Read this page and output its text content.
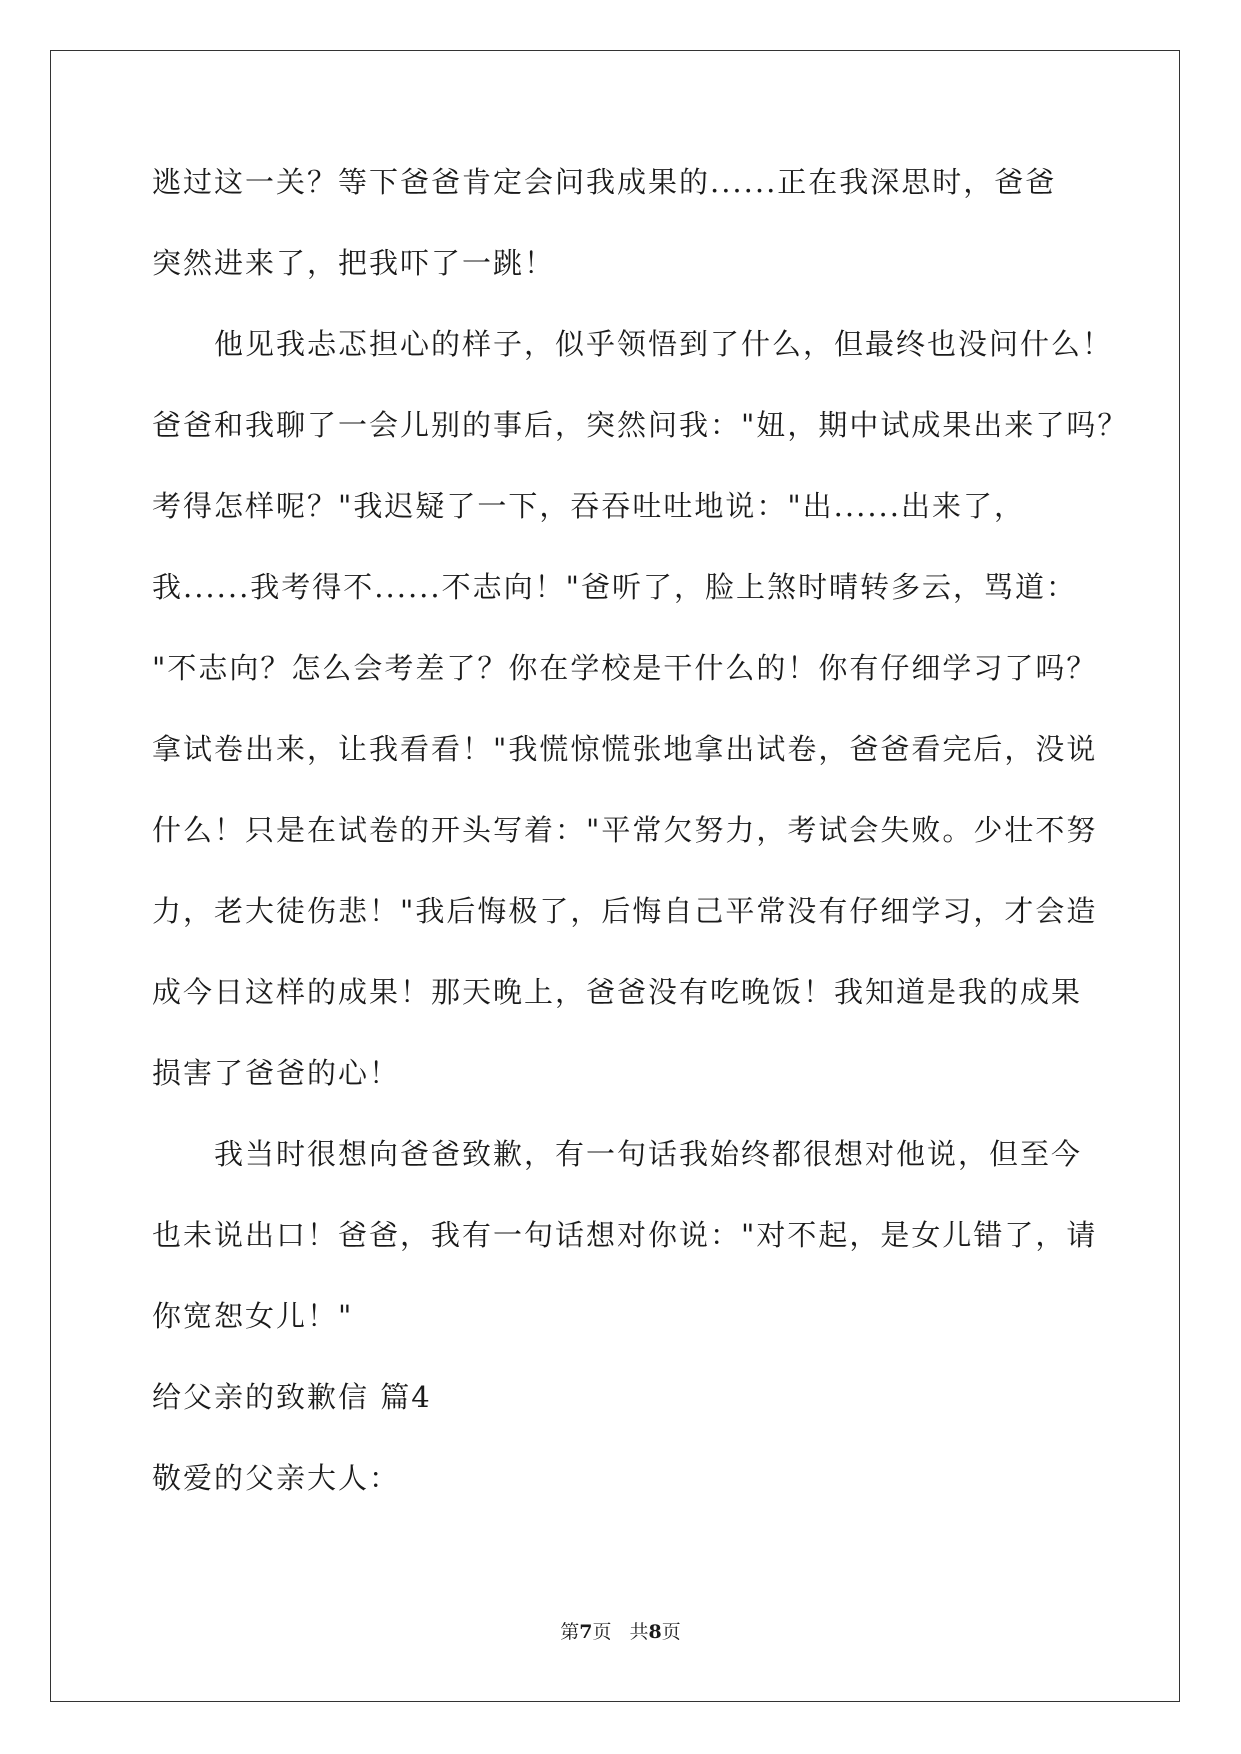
逃过这一关？等下爸爸肯定会问我成果的......正在我深思时，爸爸
突然进来了，把我吓了一跳！
　　他见我忐忑担心的样子，似乎领悟到了什么，但最终也没问什么！
爸爸和我聊了一会儿别的事后，突然问我："妞，期中试成果出来了吗？
考得怎样呢？"我迟疑了一下，吞吞吐吐地说："出......出来了，
我......我考得不......不志向！"爸听了，脸上煞时晴转多云，骂道：
"不志向？怎么会考差了？你在学校是干什么的！你有仔细学习了吗？
拿试卷出来，让我看看！"我慌惊慌张地拿出试卷，爸爸看完后，没说
什么！只是在试卷的开头写着："平常欠努力，考试会失败。少壮不努
力，老大徒伤悲！"我后悔极了，后悔自己平常没有仔细学习，才会造
成今日这样的成果！那天晚上，爸爸没有吃晚饭！我知道是我的成果
损害了爸爸的心！
　　我当时很想向爸爸致歉，有一句话我始终都很想对他说，但至今
也未说出口！爸爸，我有一句话想对你说："对不起，是女儿错了，请
你宽恕女儿！"
给父亲的致歉信 篇4
敬爱的父亲大人：
第7页 共8页
